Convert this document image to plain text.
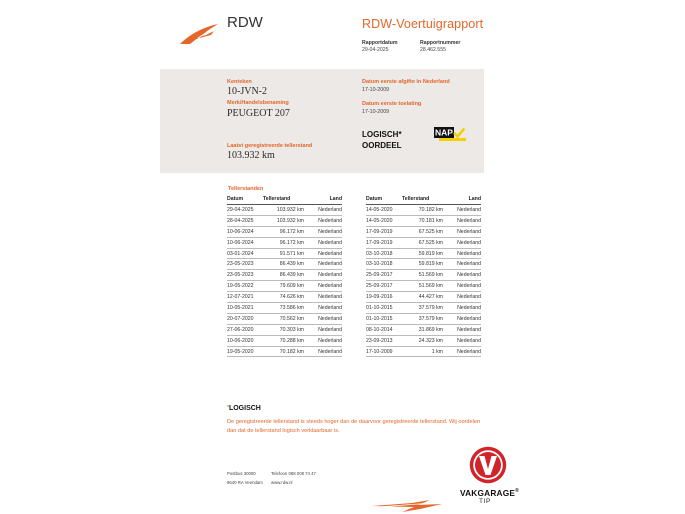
RDW	RDW-Voertuigrapport
Rapportdatum
29-04-2025
Rapportnummer
28.462.555
Kenteken
10-JVN-2
Merk/Handelsbenaming
PEUGEOT 207
Laatst geregistreerde tellerstand
103.932 km
Datum eerste afgifte in Nederland
17-10-2009
Datum eerste toelating
17-10-2009
LOGISCH*
OORDEEL
NAP
Tellerstanden
Datum	Tellerstand	Land
29-04-2025	103.932 km	Nederland
28-04-2025	103.932 km	Nederland
10-06-2024	96.172 km	Nederland
10-06-2024	96.172 km	Nederland
03-01-2024	91.571 km	Nederland
23-05-2023	86.439 km	Nederland
23-05-2023	86.439 km	Nederland
19-05-2022	79.609 km	Nederland
12-07-2021	74.626 km	Nederland
10-05-2021	73.586 km	Nederland
20-07-2020	70.562 km	Nederland
27-06-2020	70.303 km	Nederland
10-06-2020	70.288 km	Nederland
19-05-2020	70.182 km	Nederland
Datum	Tellerstand	Land
14-05-2020	70.182 km	Nederland
14-05-2020	70.181 km	Nederland
17-09-2019	67.525 km	Nederland
17-09-2019	67.525 km	Nederland
03-10-2018	59.819 km	Nederland
03-10-2018	59.819 km	Nederland
25-09-2017	51.569 km	Nederland
25-09-2017	51.569 km	Nederland
19-09-2016	44.427 km	Nederland
01-10-2015	37.579 km	Nederland
01-10-2015	37.579 km	Nederland
08-10-2014	31.869 km	Nederland
23-09-2013	24.323 km	Nederland
17-10-2009	1 km	Nederland
*LOGISCH
De geregistreerde tellerstand is steeds hoger dan de daarvoor geregistreerde tellerstand. Wij oordelen dan dat de tellerstand logisch verklaarbaar is.
Postbus 30000
9640 RA Veendam
Telefoon 088 008 74 47
www.rdw.nl
VAKGARAGE®
TIP
